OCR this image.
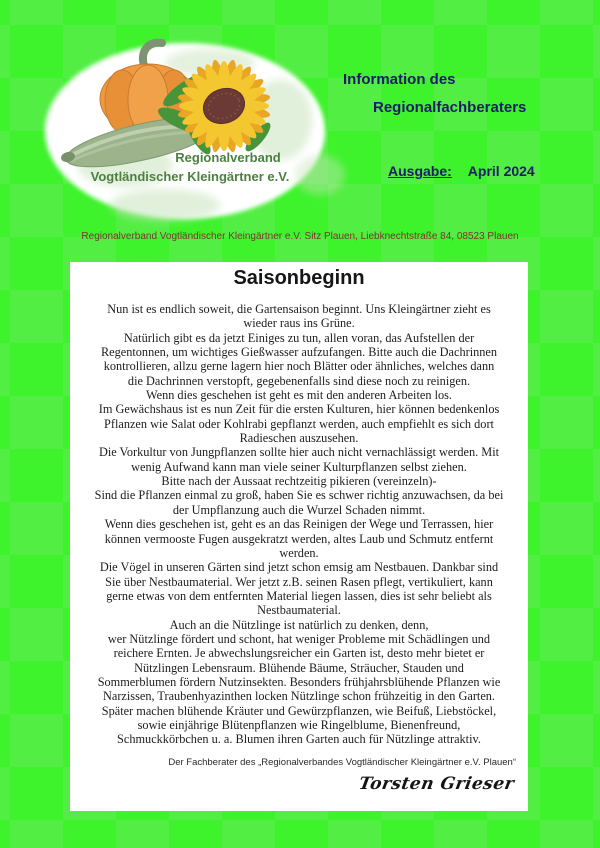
Regionalverband
Vogtländischer Kleingärtner e.V.
Information des
Regionalfachberaters
Ausgabe: April 2024
Regionalverband Vogtländischer Kleingärtner e.V. Sitz Plauen, Liebknechtstraße 84, 08523 Plauen
Saisonbeginn
Nun ist es endlich soweit, die Gartensaison beginnt. Uns Kleingärtner zieht es
wieder raus ins Grüne.
Natürlich gibt es da jetzt Einiges zu tun, allen voran, das Aufstellen der
Regentonnen, um wichtiges Gießwasser aufzufangen. Bitte auch die Dachrinnen
kontrollieren, allzu gerne lagern hier noch Blätter oder ähnliches, welches dann
die Dachrinnen verstopft, gegebenenfalls sind diese noch zu reinigen.
Wenn dies geschehen ist geht es mit den anderen Arbeiten los.
Im Gewächshaus ist es nun Zeit für die ersten Kulturen, hier können bedenkenlos
Pflanzen wie Salat oder Kohlrabi gepflanzt werden, auch empfiehlt es sich dort
Radieschen auszusehen.
Die Vorkultur von Jungpflanzen sollte hier auch nicht vernachlässigt werden. Mit
wenig Aufwand kann man viele seiner Kulturpflanzen selbst ziehen.
Bitte nach der Aussaat rechtzeitig pikieren (vereinzeln)-
Sind die Pflanzen einmal zu groß, haben Sie es schwer richtig anzuwachsen, da bei
der Umpflanzung auch die Wurzel Schaden nimmt.
Wenn dies geschehen ist, geht es an das Reinigen der Wege und Terrassen, hier
können vermooste Fugen ausgekratzt werden, altes Laub und Schmutz entfernt
werden.
Die Vögel in unseren Gärten sind jetzt schon emsig am Nestbauen. Dankbar sind
Sie über Nestbaumaterial. Wer jetzt z.B. seinen Rasen pflegt, vertikuliert, kann
gerne etwas von dem entfernten Material liegen lassen, dies ist sehr beliebt als
Nestbaumaterial.
Auch an die Nützlinge ist natürlich zu denken, denn,
wer Nützlinge fördert und schont, hat weniger Probleme mit Schädlingen und
reichere Ernten. Je abwechslungsreicher ein Garten ist, desto mehr bietet er
Nützlingen Lebensraum. Blühende Bäume, Sträucher, Stauden und
Sommerblumen fördern Nutzinsekten. Besonders frühjahrsblühende Pflanzen wie
Narzissen, Traubenhyazinthen locken Nützlinge schon frühzeitig in den Garten.
Später machen blühende Kräuter und Gewürzpflanzen, wie Beifuß, Liebstöckel,
sowie einjährige Blütenpflanzen wie Ringelblume, Bienenfreund,
Schmuckkörbchen u. a. Blumen ihren Garten auch für Nützlinge attraktiv.
Der Fachberater des „Regionalverbandes Vogtländischer Kleingärtner e.V. Plauen“
Torsten Grieser
